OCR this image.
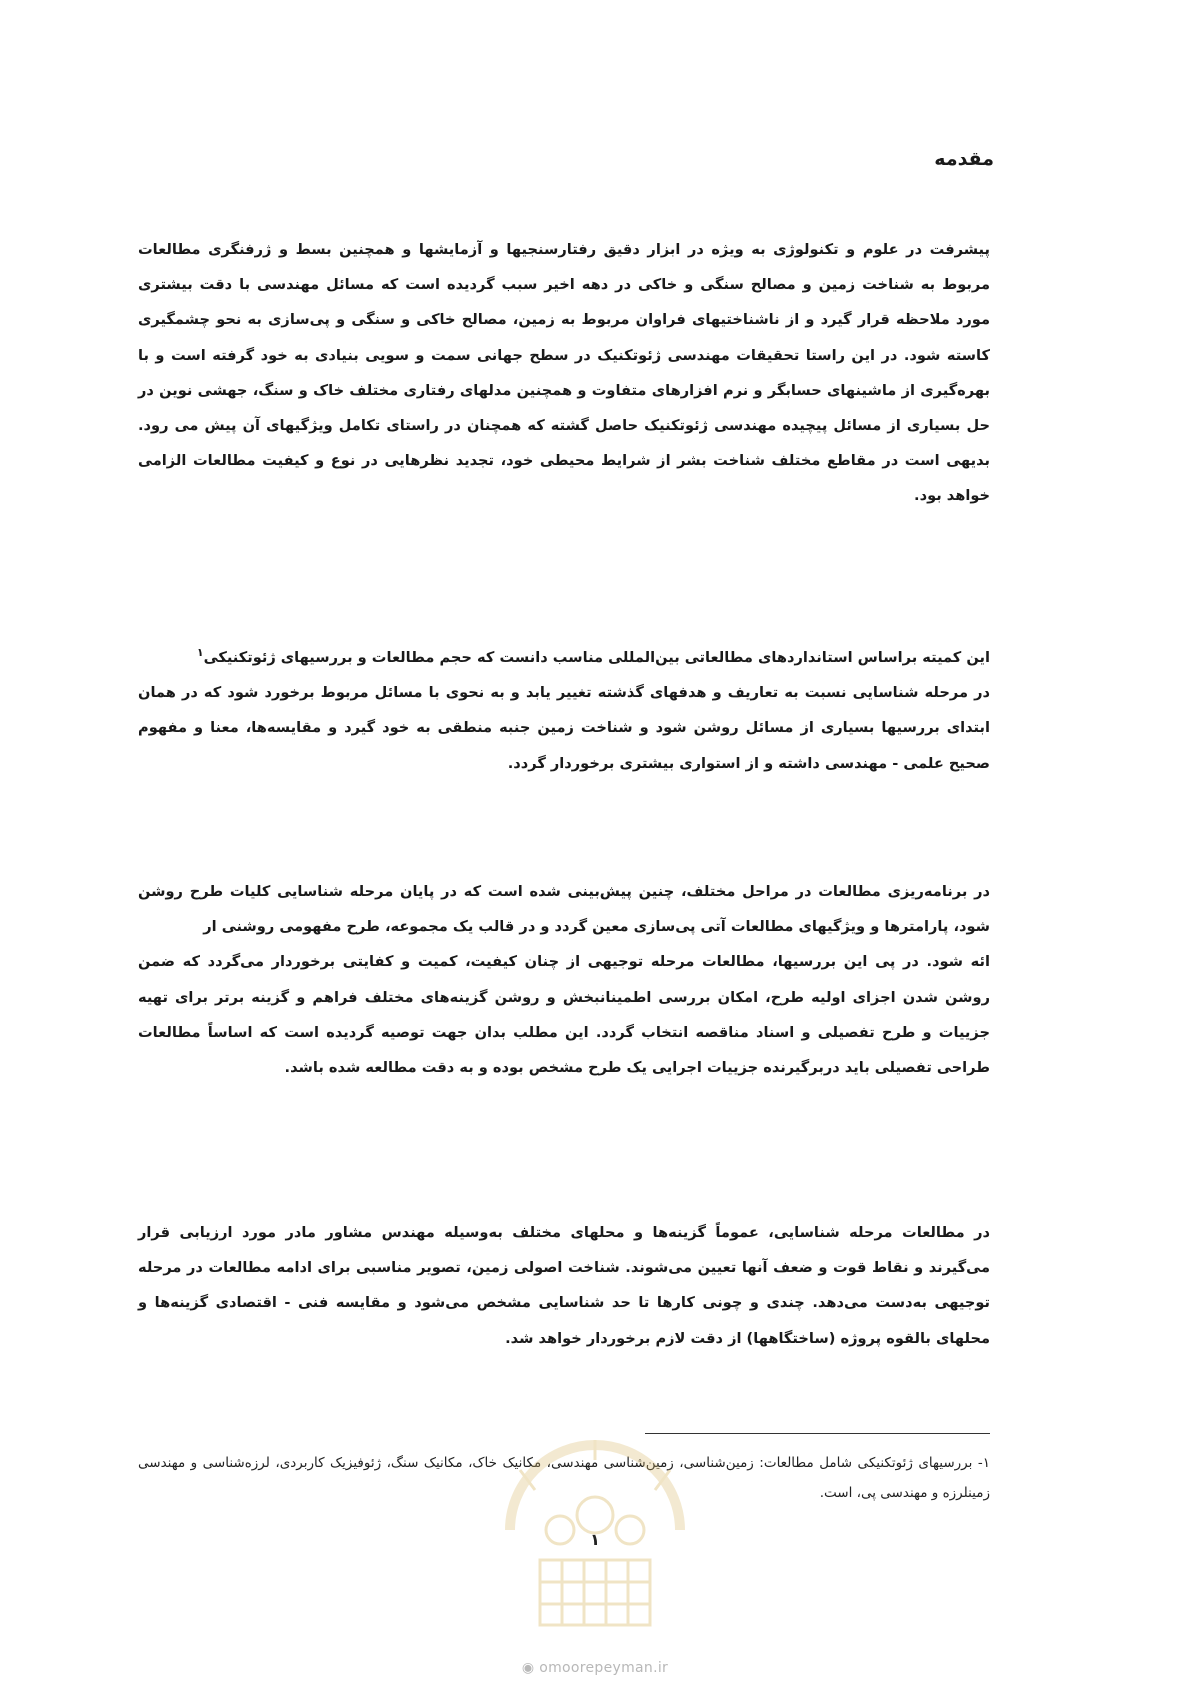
مقدمه

پیشرفت در علوم و تکنولوژی به ویژه در ابزار دقیق رفتارسنجیها و آزمایشها و همچنین بسط و ژرفنگری مطالعات مربوط به شناخت زمین و مصالح سنگی و خاکی در دهه اخیر سبب گردیده است که مسائل مهندسی با دقت بیشتری مورد ملاحظه قرار گیرد و از ناشناختیهای فراوان مربوط به زمین، مصالح خاکی و سنگی و پی‌سازی به نحو چشمگیری کاسته شود. در این راستا تحقیقات مهندسی ژئوتکنیک در سطح جهانی سمت و سویی بنیادی به خود گرفته است و با بهره‌گیری از ماشینهای حسابگر و نرم افزارهای متفاوت و همچنین مدلهای رفتاری مختلف خاک و سنگ، جهشی نوین در حل بسیاری از مسائل پیچیده مهندسی ژئوتکنیک حاصل گشته که همچنان در راستای تکامل ویژگیهای آن پیش می رود. بدیهی است در مقاطع مختلف شناخت بشر از شرایط محیطی خود، تجدید نظرهایی در نوع و کیفیت مطالعات الزامی خواهد بود.

این کمیته براساس استانداردهای مطالعاتی بین‌المللی مناسب دانست که حجم مطالعات و بررسیهای ژئوتکنیکی$^۱$

در مرحله شناسایی نسبت به تعاریف و هدفهای گذشته تغییر یابد و به نحوی با مسائل مربوط برخورد شود که در همان ابتدای بررسیها بسیاری از مسائل روشن شود و شناخت زمین جنبه منطقی به خود گیرد و مقایسه‌ها، معنا و مفهوم صحیح علمی - مهندسی داشته و از استواری بیشتری برخوردار گردد.

در برنامه‌ریزی مطالعات در مراحل مختلف، چنین پیش‌بینی شده است که در پایان مرحله شناسایی کلیات طرح روشن شود، پارامترها و ویژگیهای مطالعات آتی پی‌سازی معین گردد و در قالب یک مجموعه، طرح مفهومی روشنی ار

ائه شود. در پی این بررسیها، مطالعات مرحله توجیهی از چنان کیفیت، کمیت و کفایتی برخوردار می‌گردد که ضمن روشن شدن اجزای اولیه طرح، امکان بررسی اطمینانبخش و روشن گزینه‌های مختلف فراهم و گزینه برتر برای تهیه جزییات و طرح تفصیلی و اسناد مناقصه انتخاب گردد. این مطلب بدان جهت توصیه گردیده است که اساساً مطالعات طراحی تفصیلی باید دربرگیرنده جزییات اجرایی یک طرح مشخص بوده و به دقت مطالعه شده باشد.

در مطالعات مرحله شناسایی، عموماً گزینه‌ها و محلهای مختلف به‌وسیله مهندس مشاور مادر مورد ارزیابی قرار می‌گیرند و نقاط قوت و ضعف آنها تعیین می‌شوند. شناخت اصولی زمین، تصویر مناسبی برای ادامه مطالعات در مرحله توجیهی به‌دست می‌دهد. چندی و چونی کارها تا حد شناسایی مشخص می‌شود و مقایسه فنی - اقتصادی گزینه‌ها و محلهای بالقوه پروژه (ساختگاهها) از دقت لازم برخوردار خواهد شد.

۱- بررسیهای ژئوتکنیکی شامل مطالعات: زمین‌شناسی، زمین‌شناسی مهندسی، مکانیک خاک، مکانیک سنگ، ژئوفیزیک کاربردی، لرزه‌شناسی و مهندسی زمینلرزه و مهندسی پی، است.

۱
◉ omoorepeyman.ir
